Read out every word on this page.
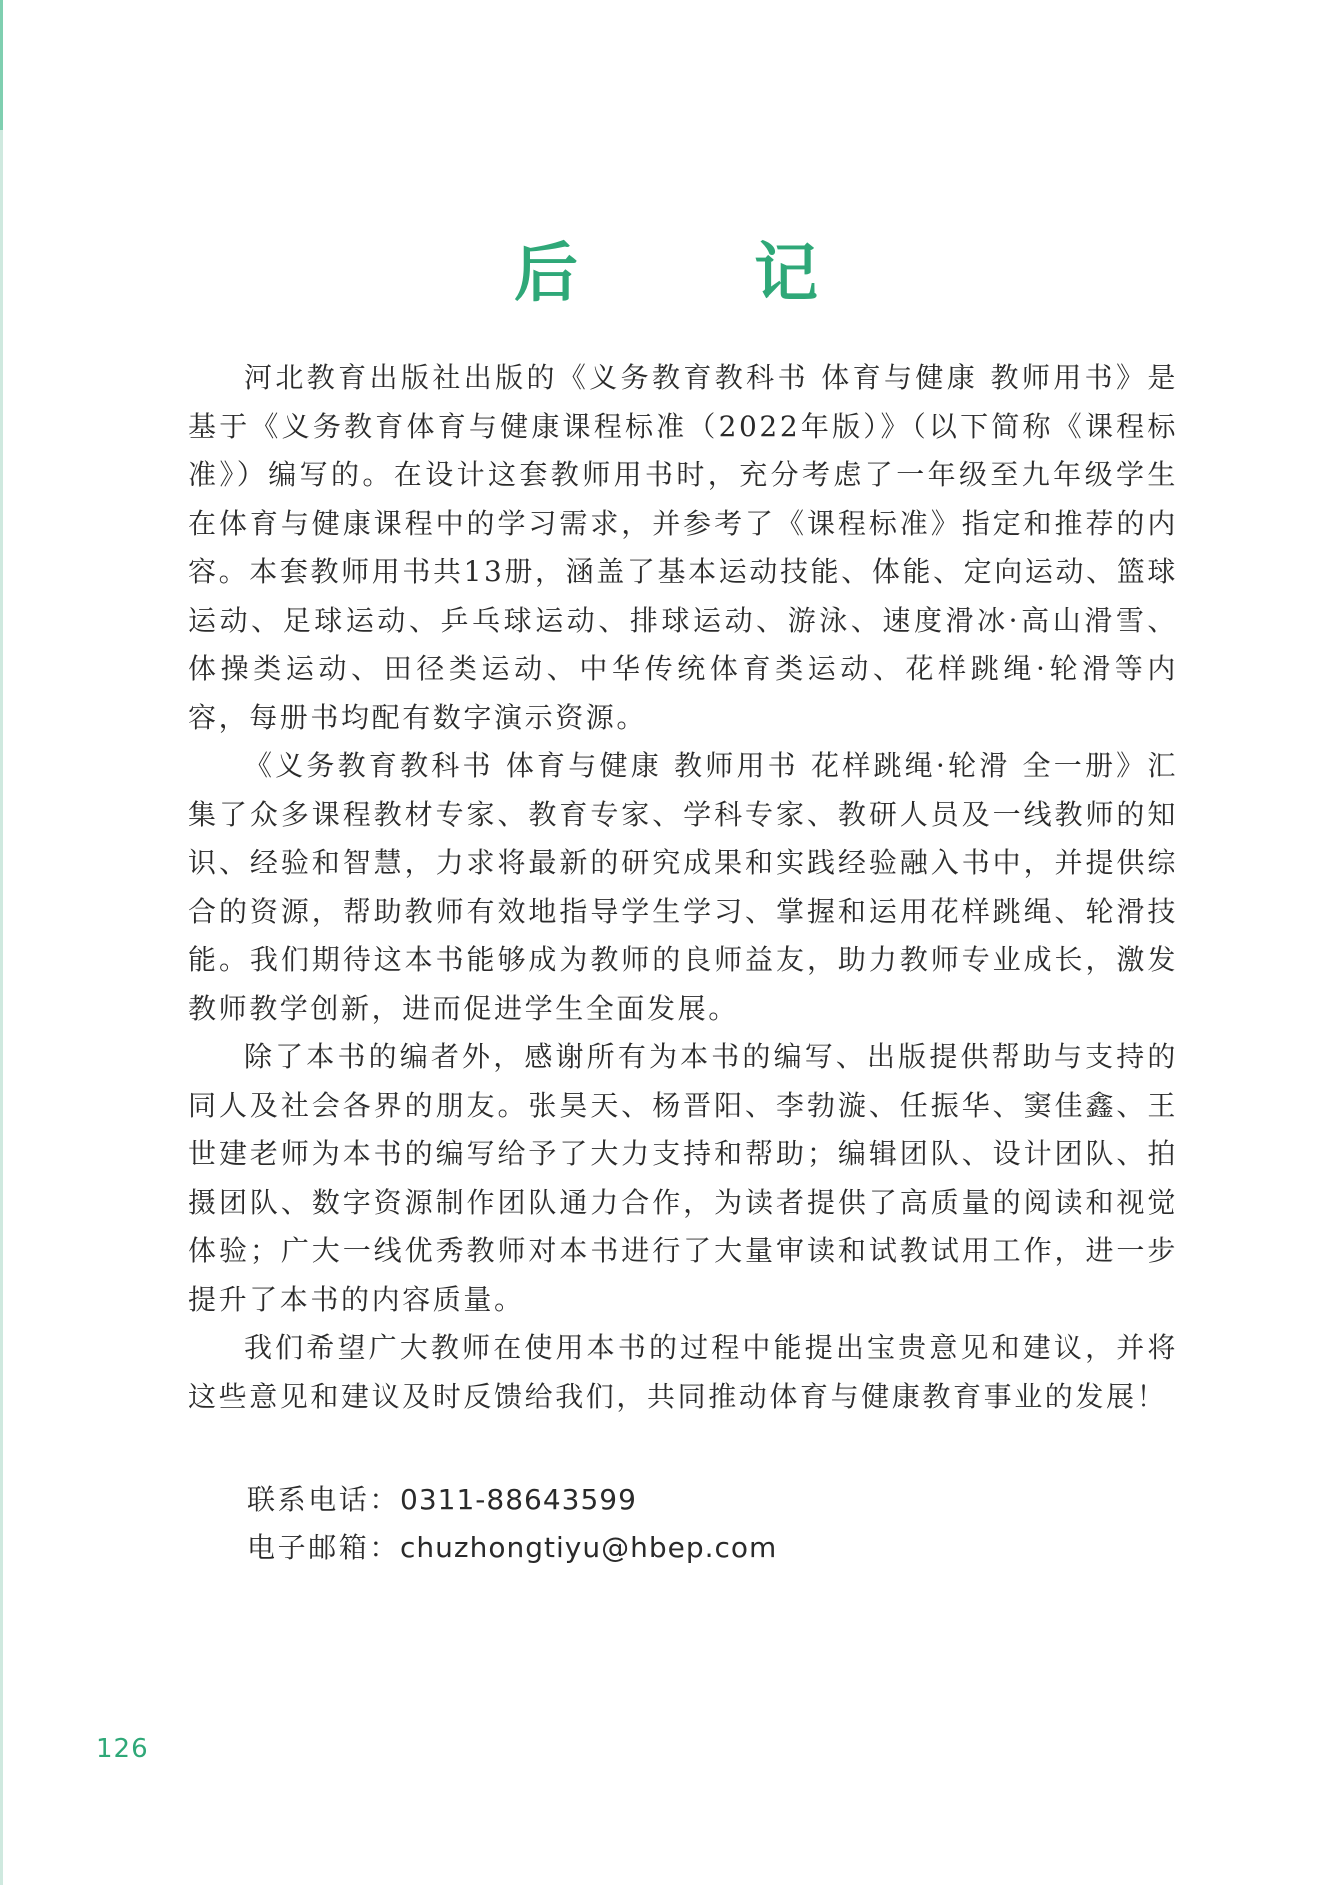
后　记

河北教育出版社出版的《义务教育教科书 体育与健康 教师用书》是基于《义务教育体育与健康课程标准（2022年版）》（以下简称《课程标准》）编写的。在设计这套教师用书时，充分考虑了一年级至九年级学生在体育与健康课程中的学习需求，并参考了《课程标准》指定和推荐的内容。本套教师用书共13册，涵盖了基本运动技能、体能、定向运动、篮球运动、足球运动、乒乓球运动、排球运动、游泳、速度滑冰·高山滑雪、体操类运动、田径类运动、中华传统体育类运动、花样跳绳·轮滑等内容，每册书均配有数字演示资源。

《义务教育教科书 体育与健康 教师用书 花样跳绳·轮滑 全一册》汇集了众多课程教材专家、教育专家、学科专家、教研人员及一线教师的知识、经验和智慧，力求将最新的研究成果和实践经验融入书中，并提供综合的资源，帮助教师有效地指导学生学习、掌握和运用花样跳绳、轮滑技能。我们期待这本书能够成为教师的良师益友，助力教师专业成长，激发教师教学创新，进而促进学生全面发展。

除了本书的编者外，感谢所有为本书的编写、出版提供帮助与支持的同人及社会各界的朋友。张昊天、杨晋阳、李勃漩、任振华、窦佳鑫、王世建老师为本书的编写给予了大力支持和帮助；编辑团队、设计团队、拍摄团队、数字资源制作团队通力合作，为读者提供了高质量的阅读和视觉体验；广大一线优秀教师对本书进行了大量审读和试教试用工作，进一步提升了本书的内容质量。

我们希望广大教师在使用本书的过程中能提出宝贵意见和建议，并将这些意见和建议及时反馈给我们，共同推动体育与健康教育事业的发展！

联系电话：0311-88643599
电子邮箱：chuzhongtiyu@hbep.com
126
